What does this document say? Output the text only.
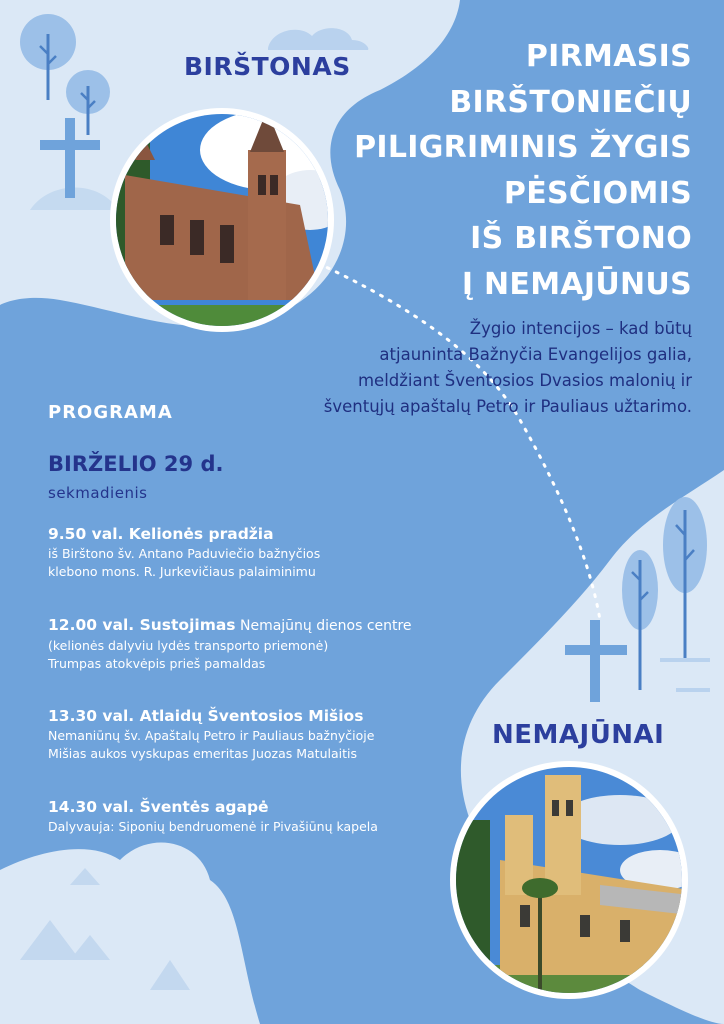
BIRŠTONAS
NEMAJŪNAI
PIRMASIS
BIRŠTONIEČIŲ
PILIGRIMINIS ŽYGIS
PĖSČIOMIS
IŠ BIRŠTONO
Į NEMAJŪNUS
Žygio intencijos – kad būtų
atjauninta Bažnyčia Evangelijos galia,
meldžiant Šventosios Dvasios malonių ir
šventųjų apaštalų Petro ir Pauliaus užtarimo.
PROGRAMA
BIRŽELIO 29 d.
sekmadienis
9.50 val. Kelionės pradžia
iš Birštono šv. Antano Paduviečio bažnyčios
klebono mons. R. Jurkevičiaus palaiminimu
12.00 val. Sustojimas Nemajūnų dienos centre
(kelionės dalyviu lydės transporto priemonė)
Trumpas atokvėpis prieš pamaldas
13.30 val. Atlaidų Šventosios Mišios
Nemaniūnų šv. Apaštalų Petro ir Pauliaus bažnyčioje
Mišias aukos vyskupas emeritas Juozas Matulaitis
14.30 val. Šventės agapė
Dalyvauja: Siponių bendruomenė ir Pivašiūnų kapela
